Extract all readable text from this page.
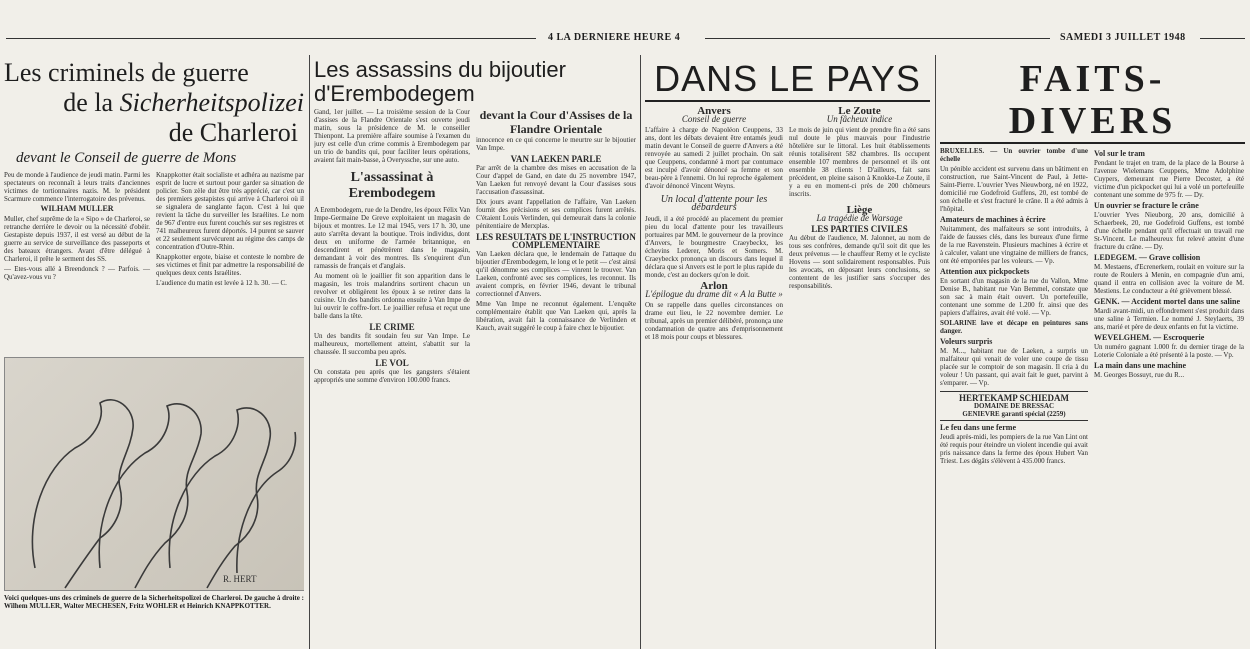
4 LA DERNIERE HEURE 4	SAMEDI 3 JUILLET 1948
Les criminels de guerre
de la Sicherheitspolizei
de Charleroi
devant le Conseil de guerre de Mons

Peu de monde à l'audience de jeudi matin. Parmi les spectateurs on reconnaît à leurs traits d'anciennes victimes de tortionnaires nazis. M. le président Scarmure commence l'interrogatoire des prévenus.

WILHAM MULLER

Muller, chef suprême de la « Sipo » de Charleroi, se retranche derrière le devoir ou la nécessité d'obéir. Gestapiste depuis 1937, il est versé au début de la guerre au service de surveillance des passeports et des bateaux étrangers. Avant d'être délégué à Charleroi, il prête le serment des SS.

— Etes-vous allé à Breendonck ? — Parfois. — Qu'avez-vous vu ?

Knappkotter était socialiste et adhéra au nazisme par esprit de lucre et surtout pour garder sa situation de policier. Son zèle dut être très apprécié, car c'est un des premiers gestapistes qui arrive à Charleroi où il se signalera de sanglante façon. C'est à lui que revient la tâche du surveiller les Israélites. Le nom de 967 d'entre eux furent couchés sur ses registres et 741 malheureux furent déportés. 14 purent se sauver et 22 seulement survécurent au régime des camps de concentration d'Outre-Rhin.

Knappkotter ergote, biaise et conteste le nombre de ses victimes et finit par admettre la responsabilité de quelques deux cents Israélites.

L'audience du matin est levée à 12 h. 30. — C.

R. HERT
Voici quelques-uns des criminels de guerre de la Sicherheitspolizei de Charleroi. De gauche à droite : Wilhem MULLER, Walter MECHESEN, Fritz WOHLER et Heinrich KNAPPKOTTER.
Les assassins du bijoutier d'Erembodegem

Gand, 1er juillet. — La troisième session de la Cour d'assises de la Flandre Orientale s'est ouverte jeudi matin, sous la présidence de M. le conseiller Thienpont. La première affaire soumise à l'examen du jury est celle d'un crime commis à Erembodegem par un trio de bandits qui, pour faciliter leurs opérations, avaient fait main-basse, à Overyssche, sur une auto.

L'assassinat à Erembodegem

A Erembodegem, rue de la Dendre, les époux Félix Van Impe-Germaine De Greve exploitaient un magasin de bijoux et montres. Le 12 mai 1945, vers 17 h. 30, une auto s'arrêta devant la boutique. Trois individus, dont deux en uniforme de l'armée britannique, en descendirent et pénétrèrent dans le magasin, demandant à voir des montres. Ils s'enquirent d'un ramassis de français et d'anglais.

Au moment où le joaillier fit son apparition dans le magasin, les trois malandrins sortirent chacun un revolver et obligèrent les époux à se retirer dans la cuisine. Un des bandits ordonna ensuite à Van Impe de lui ouvrir le coffre-fort. Le joaillier refusa et reçut une balle dans la tête.

LE CRIME

Un des bandits fit soudain feu sur Van Impe. Le malheureux, mortellement atteint, s'abattit sur la chaussée. Il succomba peu après.

LE VOL

On constata peu après que les gangsters s'étaient appropriés une somme d'environ 100.000 francs.

devant la Cour d'Assises de la Flandre Orientale

innocence en ce qui concerne le meurtre sur le bijoutier Van Impe.

VAN LAEKEN PARLE

Par arrêt de la chambre des mises en accusation de la Cour d'appel de Gand, en date du 25 novembre 1947, Van Laeken fut renvoyé devant la Cour d'assises sous l'accusation d'assassinat.

Dix jours avant l'appellation de l'affaire, Van Laeken fournit des précisions et ses complices furent arrêtés. C'étaient Louis Verlinden, qui demeurait dans la colonie pénitentiaire de Merxplas.

LES RESULTATS DE L'INSTRUCTION COMPLEMENTAIRE

Van Laeken déclara que, le lendemain de l'attaque du bijoutier d'Erembodegem, le long et le petit — c'est ainsi qu'il dénomme ses complices — vinrent le trouver. Van Laeken, confronté avec ses complices, les reconnut. Ils avaient compris, en février 1946, devant le tribunal correctionnel d'Anvers.

Mme Van Impe ne reconnut également. L'enquête complémentaire établit que Van Laeken qui, après la libération, avait fait la connaissance de Verlinden et Kauch, avait suggéré le coup à faire chez le bijoutier.

DANS LE PAYS
Anvers
Conseil de guerre

L'affaire à charge de Napoléon Ceuppens, 33 ans, dont les débats devaient être entamés jeudi matin devant le Conseil de guerre d'Anvers a été renvoyée au samedi 2 juillet prochain. On sait que Ceuppens, condamné à mort par contumace est inculpé d'avoir dénoncé sa femme et son beau-père à l'ennemi. On lui reproche également d'avoir dénoncé Vincent Weyns.

Un local d'attente pour les débardeurs

Jeudi, il a été procédé au placement du premier pieu du local d'attente pour les travailleurs portuaires par MM. le gouverneur de la province d'Anvers, le bourgmestre Craeybeckx, les échevins Lederer, Moris et Somers. M. Craeybeckx prononça un discours dans lequel il déclara que si Anvers est le port le plus rapide du monde, c'est au dockers qu'on le doit.

Arlon
L'épilogue du drame dit « A la Butte »

On se rappelle dans quelles circonstances on drame eut lieu, le 22 novembre dernier. Le tribunal, après un premier délibéré, prononça une condamnation de quatre ans d'emprisonnement et 18 mois pour coups et blessures.

Le Zoute
Un fâcheux indice

Le mois de juin qui vient de prendre fin a été sans nul doute le plus mauvais pour l'industrie hôtelière sur le littoral. Les huit établissements réunis totalisèrent 582 chambres. Ils occupent ensemble 107 membres de personnel et ils ont ensemble 38 clients ! D'ailleurs, fait sans précédent, en pleine saison à Knokke-Le Zoute, il y a eu en moment-ci près de 200 chômeurs inscrits.

Liège
La tragédie de Warsage
LES PARTIES CIVILES

Au début de l'audience, M. Jalonnet, au nom de tous ses confrères, demande qu'il soit dit que les deux prévenus — le chauffeur Remy et le cycliste Hovens — sont solidairement responsables. Puis les avocats, en déposant leurs conclusions, se contentent de les justifier sans s'occuper des responsabilités.

FAITS-DIVERS

BRUXELLES. — Un ouvrier tombe d'une échelle

Un pénible accident est survenu dans un bâtiment en construction, rue Saint-Vincent de Paul, à Jette-Saint-Pierre. L'ouvrier Yves Nieuwborg, né en 1922, domicilié rue Godefroid Guffens, 20, est tombé de son échelle et s'est fracturé le crâne. Il a été admis à l'hôpital.

Amateurs de machines à écrire

Nuitamment, des malfaiteurs se sont introduits, à l'aide de fausses clés, dans les bureaux d'une firme de la rue Ravenstein. Plusieurs machines à écrire et à calculer, valant une vingtaine de milliers de francs, ont été emportées par les voleurs. — Vp.

Attention aux pickpockets

En sortant d'un magasin de la rue du Vallon, Mme Denise B., habitant rue Van Bemmel, constate que son sac à main était ouvert. Un portefeuille, contenant une somme de 1.200 fr. ainsi que des papiers d'affaires, avait été volé. — Vp.

SOLARINE lave et décape en peintures sans danger.

Voleurs surpris

M. M..., habitant rue de Laeken, a surpris un malfaiteur qui venait de voler une coupe de tissu placée sur le comptoir de son magasin. Il cria à du voleur ! Un passant, qui avait fait le guet, parvint à s'emparer. — Vp.

HERTEKAMP SCHIEDAM
DOMAINE DE BRESSAC
GENIEVRE garanti spécial (2259)
Le feu dans une ferme

Jeudi après-midi, les pompiers de la rue Van Lint ont été requis pour éteindre un violent incendie qui avait pris naissance dans la ferme des époux Hubert Van Triest. Les dégâts s'élèvent à 435.000 francs.

Vol sur le tram

Pendant le trajet en tram, de la place de la Bourse à l'avenue Wielemans Ceuppens, Mme Adolphine Cuypers, demeurant rue Pierre Decoster, a été victime d'un pickpocket qui lui a volé un portefeuille contenant une somme de 975 fr. — Dy.

Un ouvrier se fracture le crâne

L'ouvrier Yves Nieuborg, 20 ans, domicilié à Schaerbeek, 20, rue Godefroid Guffens, est tombé d'une échelle pendant qu'il effectuait un travail rue St-Vincent. Le malheureux fut relevé atteint d'une fracture du crâne. — Dy.

LEDEGEM. — Grave collision

M. Mestaens, d'Ecrenerkem, roulait en voiture sur la route de Roulers à Menin, en compagnie d'un ami, quand il entra en collision avec la voiture de M. Mestiens. Le conducteur a été grièvement blessé.

GENK. — Accident mortel dans une saline

Mardi avant-midi, un effondrement s'est produit dans une saline à Termien. Le nommé J. Steylaerts, 39 ans, marié et père de deux enfants en fut la victime.

WEVELGHEM. — Escroquerie

Un numéro gagnant 1.000 fr. du dernier tirage de la Loterie Coloniale a été présenté à la poste. — Vp.

La main dans une machine

M. Georges Bossuyt, rue du R...
